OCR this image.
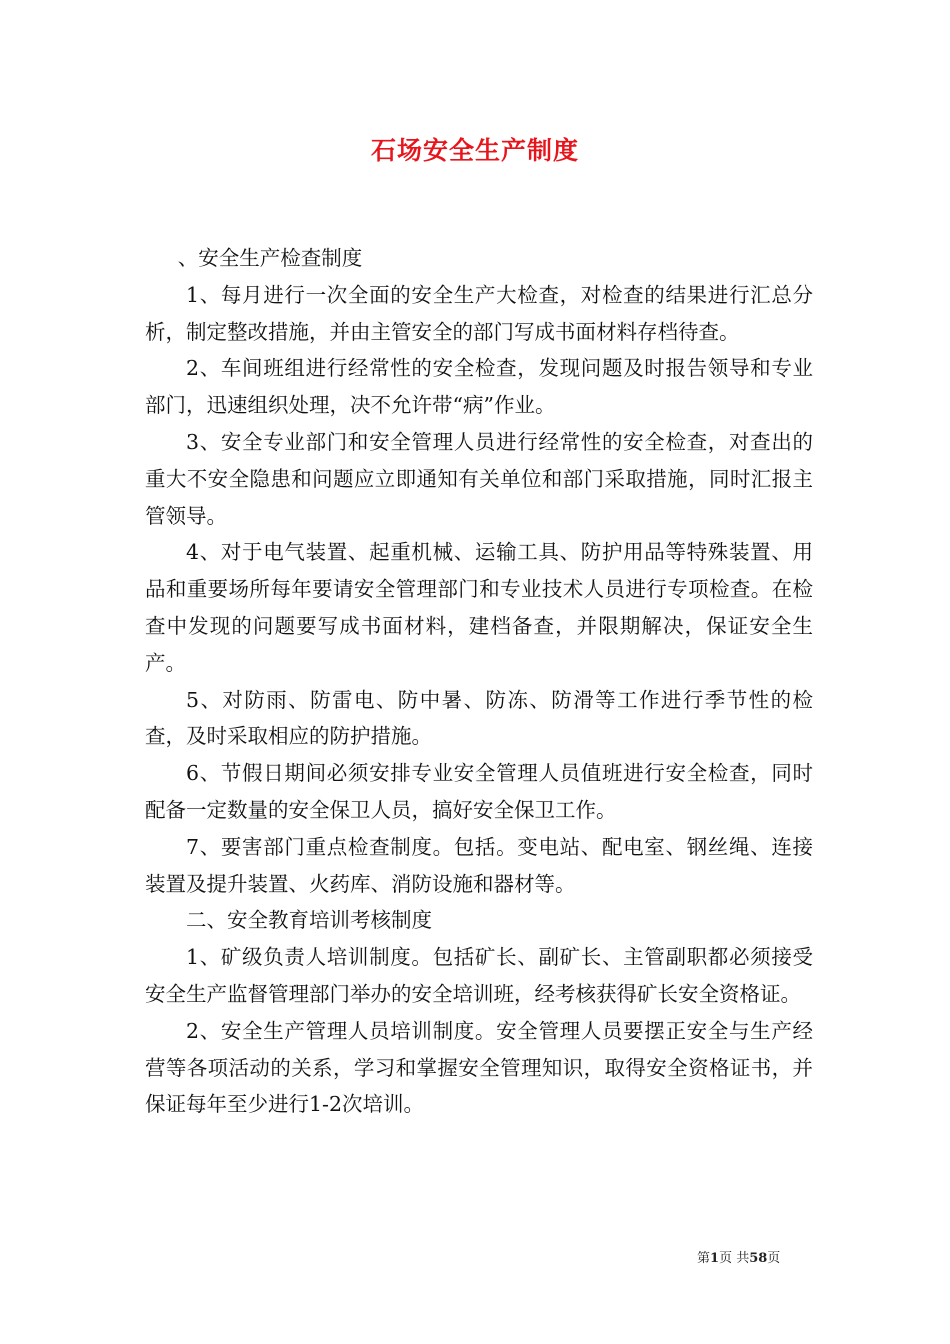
石场安全生产制度

、安全生产检查制度

1、每月进行一次全面的安全生产大检查，对检查的结果进行汇总分析，制定整改措施，并由主管安全的部门写成书面材料存档待查。

2、车间班组进行经常性的安全检查，发现问题及时报告领导和专业部门，迅速组织处理，决不允许带“病”作业。

3、安全专业部门和安全管理人员进行经常性的安全检查，对查出的重大不安全隐患和问题应立即通知有关单位和部门采取措施，同时汇报主管领导。

4、对于电气装置、起重机械、运输工具、防护用品等特殊装置、用品和重要场所每年要请安全管理部门和专业技术人员进行专项检查。在检查中发现的问题要写成书面材料，建档备查，并限期解决，保证安全生产。

5、对防雨、防雷电、防中暑、防冻、防滑等工作进行季节性的检查，及时采取相应的防护措施。

6、节假日期间必须安排专业安全管理人员值班进行安全检查，同时配备一定数量的安全保卫人员，搞好安全保卫工作。

7、要害部门重点检查制度。包括。变电站、配电室、钢丝绳、连接装置及提升装置、火药库、消防设施和器材等。

二、安全教育培训考核制度

1、矿级负责人培训制度。包括矿长、副矿长、主管副职都必须接受安全生产监督管理部门举办的安全培训班，经考核获得矿长安全资格证。

2、安全生产管理人员培训制度。安全管理人员要摆正安全与生产经营等各项活动的关系，学习和掌握安全管理知识，取得安全资格证书，并保证每年至少进行1-2次培训。

第1页 共58页
